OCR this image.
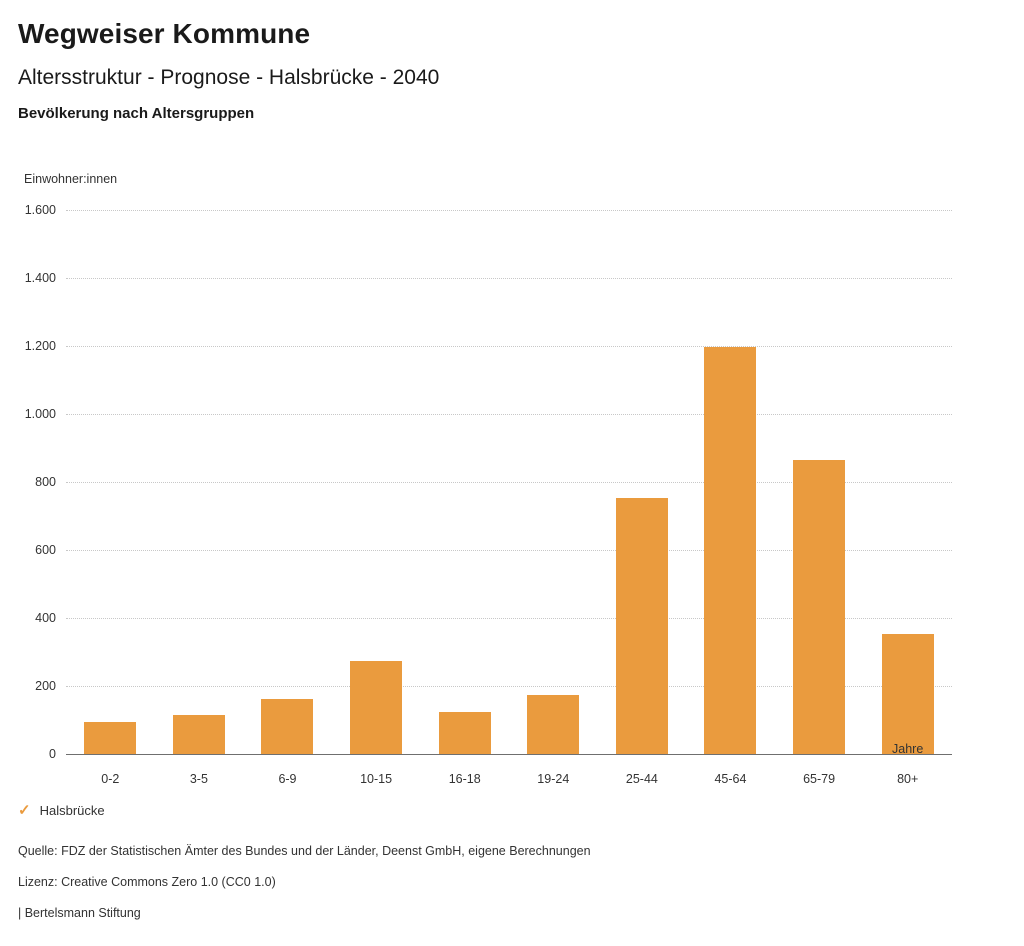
Wegweiser Kommune
Altersstruktur - Prognose - Halsbrücke - 2040
Bevölkerung nach Altersgruppen
Einwohner:innen
0
200
400
600
800
1.000
1.200
1.400
1.600
0-2	3-5	6-9	10-15	16-18	19-24	25-44	45-64	65-79	80+
Jahre
✓ Halsbrücke
Quelle: FDZ der Statistischen Ämter des Bundes und der Länder, Deenst GmbH, eigene Berechnungen
Lizenz: Creative Commons Zero 1.0 (CC0 1.0)
| Bertelsmann Stiftung
